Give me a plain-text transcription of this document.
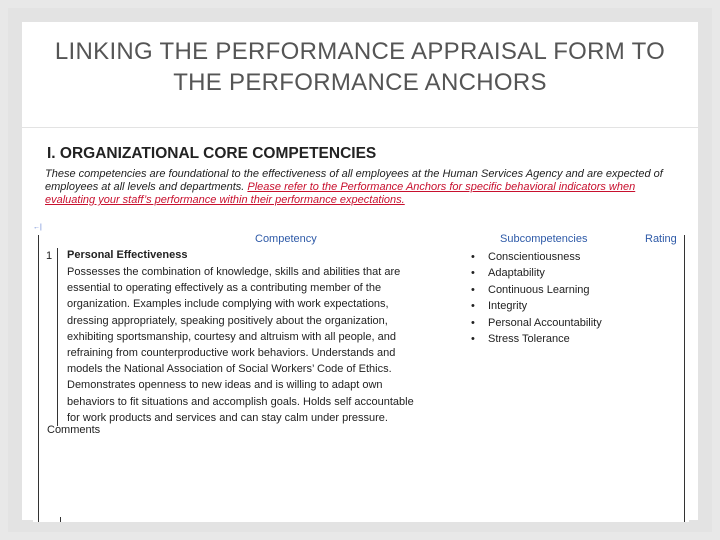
LINKING THE PERFORMANCE APPRAISAL FORM TO
THE PERFORMANCE ANCHORS
I. ORGANIZATIONAL CORE COMPETENCIES
These competencies are foundational to the effectiveness of all employees at the Human Services Agency and are expected of employees at all levels and departments. Please refer to the Performance Anchors for specific behavioral indicators when evaluating your staff’s performance within their performance expectations.
←|
Competency	Subcompetencies	Rating
1 Personal Effectiveness
Possesses the combination of knowledge, skills and abilities that are essential to operating effectively as a contributing member of the organization. Examples include complying with work expectations, dressing appropriately, speaking positively about the organization, exhibiting sportsmanship, courtesy and altruism with all people, and refraining from counterproductive work behaviors. Understands and models the National Association of Social Workers’ Code of Ethics. Demonstrates openness to new ideas and is willing to adapt own behaviors to fit situations and accomplish goals. Holds self accountable for work products and services and can stay calm under pressure.
• Conscientiousness
• Adaptability
• Continuous Learning
• Integrity
• Personal Accountability
• Stress Tolerance
Comments
